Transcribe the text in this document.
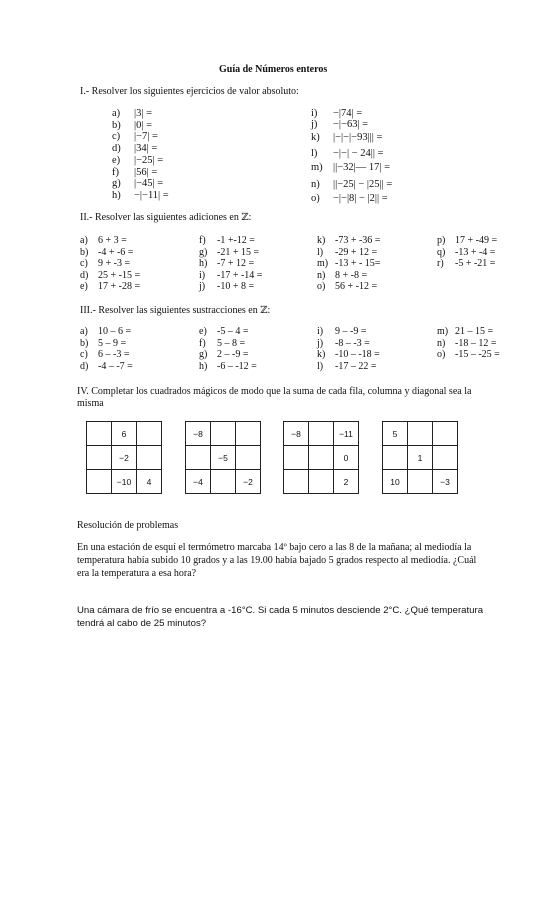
Guía de Números enteros
I.- Resolver los siguientes ejercicios de valor absoluto:
a) |3| =
b) |0| =
c) |−7| =
d) |34| =
e) |−25| =
f) |56| =
g) |−45| =
h) −|−11| =
i) −|74| =
j) −|−63| =
k) |−|−|−93||| =
l) −|−| − 24|| =
m) ||−32|— 17| =
n) ||−25| − |25|| =
o) −|−|8| − |2|| =
II.- Resolver las siguientes adiciones en ℤ:
a) 6 + 3 =
b) -4 + -6 =
c) 9 + -3 =
d) 25 + -15 =
e) 17 + -28 =
f) -1 +-12 =
g) -21 + 15 =
h) -7 + 12 =
i) -17 + -14 =
j) -10 + 8 =
k) -73 + -36 =
l) -29 + 12 =
m) -13 + - 15=
n) 8 + -8 =
o) 56 + -12 =
p) 17 + -49 =
q) -13 + -4 =
r) -5 + -21 =
III.- Resolver las siguientes sustracciones en ℤ:
a) 10 – 6 =
b) 5 – 9 =
c) 6 – -3 =
d) -4 – -7 =
e) -5 – 4 =
f) 5 – 8 =
g) 2 – -9 =
h) -6 – -12 =
i) 9 – -9 =
j) -8 – -3 =
k) -10 – -18 =
l) -17 – 22 =
m) 21 – 15 =
n) -18 – 12 =
o) -15 – -25 =
IV. Completar los cuadrados mágicos de modo que la suma de cada fila, columna y diagonal sea la
misma
	6	
	−2	
	−10	4
−8		
	−5	
−4		−2
−8		−11
		0
		2
5		
	1	
10		−3
Resolución de problemas
En una estación de esquí el termómetro marcaba 14º bajo cero a las 8 de la mañana; al mediodía la
temperatura había subido 10 grados y a las 19.00 había bajado 5 grados respecto al mediodía. ¿Cuál
era la temperatura a esa hora?
Una cámara de frío se encuentra a -16°C. Si cada 5 minutos desciende 2°C. ¿Qué temperatura
tendrá al cabo de 25 minutos?
